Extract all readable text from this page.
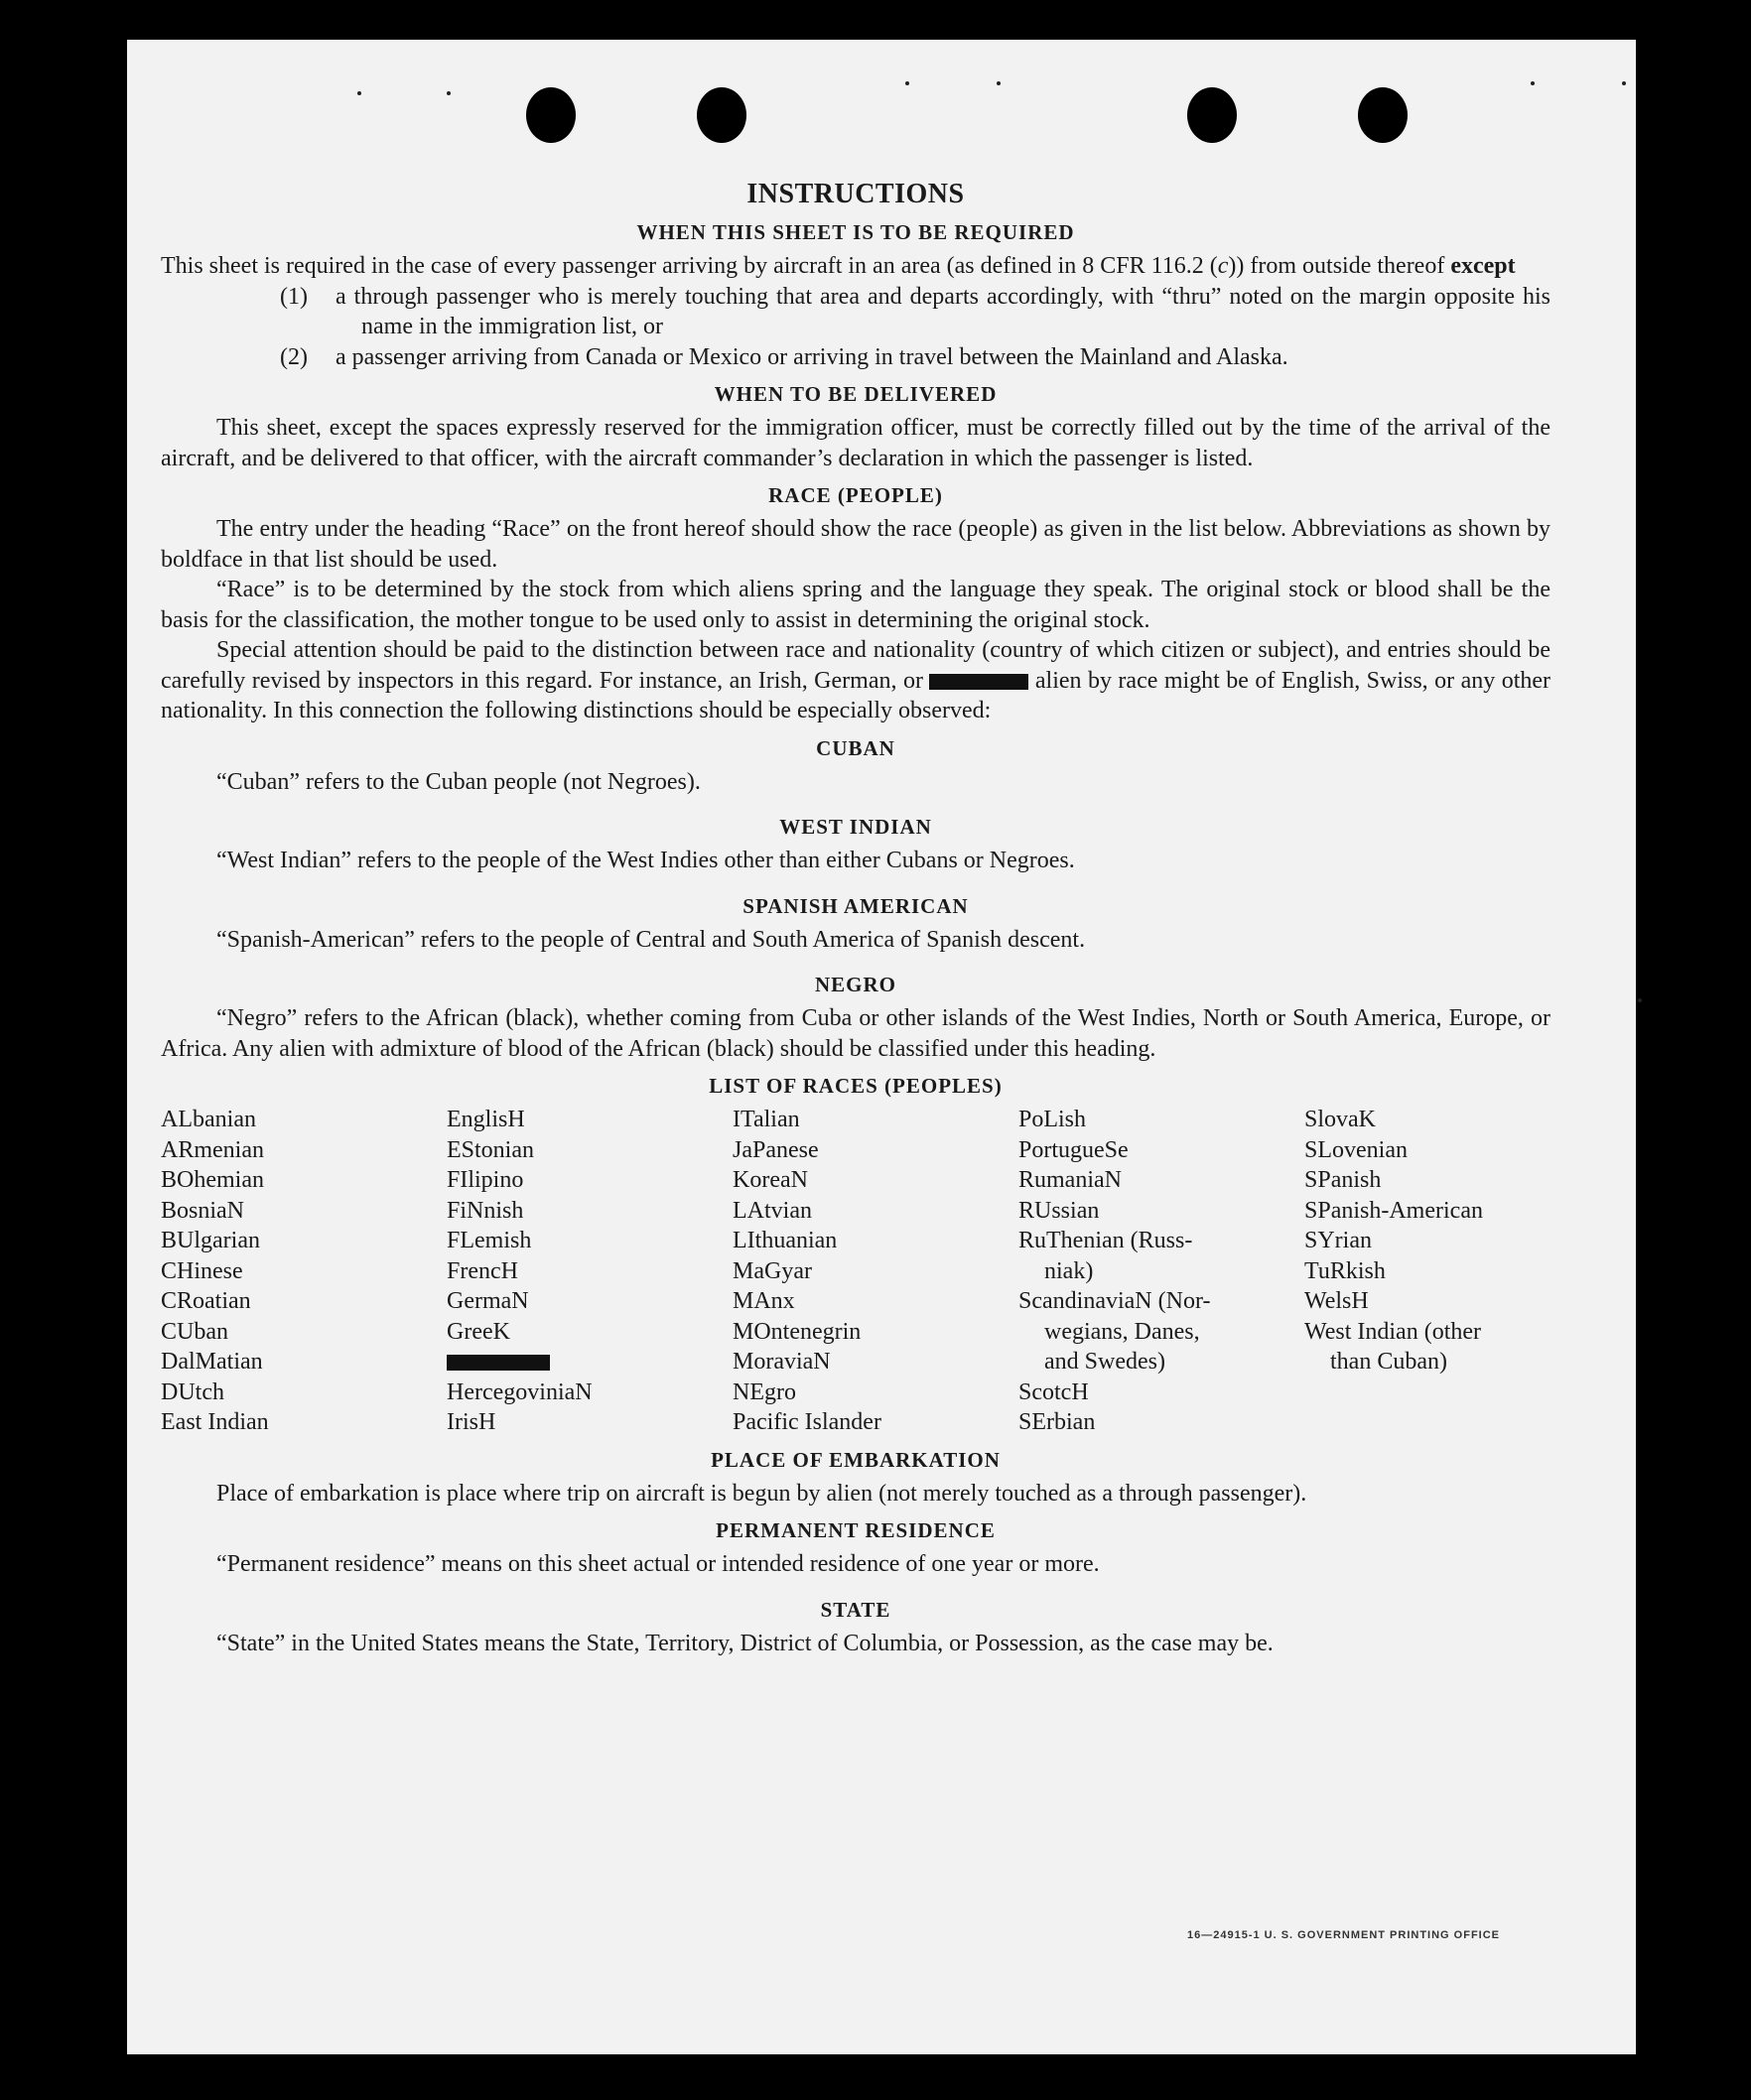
INSTRUCTIONS
WHEN THIS SHEET IS TO BE REQUIRED

This sheet is required in the case of every passenger arriving by aircraft in an area (as defined in 8 CFR 116.2 (c)) from outside thereof except

(1) a through passenger who is merely touching that area and departs accordingly, with “thru” noted on the margin opposite his name in the immigration list, or
(2) a passenger arriving from Canada or Mexico or arriving in travel between the Mainland and Alaska.
WHEN TO BE DELIVERED

This sheet, except the spaces expressly reserved for the immigration officer, must be correctly filled out by the time of the arrival of the aircraft, and be delivered to that officer, with the aircraft commander’s declaration in which the passenger is listed.

RACE (PEOPLE)

The entry under the heading “Race” on the front hereof should show the race (people) as given in the list below. Abbreviations as shown by boldface in that list should be used.

“Race” is to be determined by the stock from which aliens spring and the language they speak. The original stock or blood shall be the basis for the classification, the mother tongue to be used only to assist in determining the original stock.

Special attention should be paid to the distinction between race and nationality (country of which citizen or subject), and entries should be carefully revised by inspectors in this regard. For instance, an Irish, German, or	alien by race might be of English, Swiss, or any other nationality. In this connection the following distinctions should be especially observed:

CUBAN

“Cuban” refers to the Cuban people (not Negroes).

WEST INDIAN

“West Indian” refers to the people of the West Indies other than either Cubans or Negroes.

SPANISH AMERICAN

“Spanish-American” refers to the people of Central and South America of Spanish descent.

NEGRO

“Negro” refers to the African (black), whether coming from Cuba or other islands of the West Indies, North or South America, Europe, or Africa. Any alien with admixture of blood of the African (black) should be classified under this heading.

LIST OF RACES (PEOPLES)
ALbanian
ARmenian
BOhemian
BosniaN
BUlgarian
CHinese
CRoatian
CUban
DalMatian
DUtch
East Indian
EnglisH
EStonian
FIlipino
FiNnish
FLemish
FrencH
GermaN
GreeK
HercegoviniaN
IrisH
ITalian
JaPanese
KoreaN
LAtvian
LIthuanian
MaGyar
MAnx
MOntenegrin
MoraviaN
NEgro
Pacific Islander
PoLish
PortugueSe
RumaniaN
RUssian
RuThenian (Russ-
niak)
ScandinaviaN (Nor-
wegians, Danes,
and Swedes)
ScotcH
SErbian
SlovaK
SLovenian
SPanish
SPanish-American
SYrian
TuRkish
WelsH
West Indian (other
than Cuban)
PLACE OF EMBARKATION

Place of embarkation is place where trip on aircraft is begun by alien (not merely touched as a through passenger).

PERMANENT RESIDENCE

“Permanent residence” means on this sheet actual or intended residence of one year or more.

STATE

“State” in the United States means the State, Territory, District of Columbia, or Possession, as the case may be.

16—24915-1 U. S. GOVERNMENT PRINTING OFFICE
